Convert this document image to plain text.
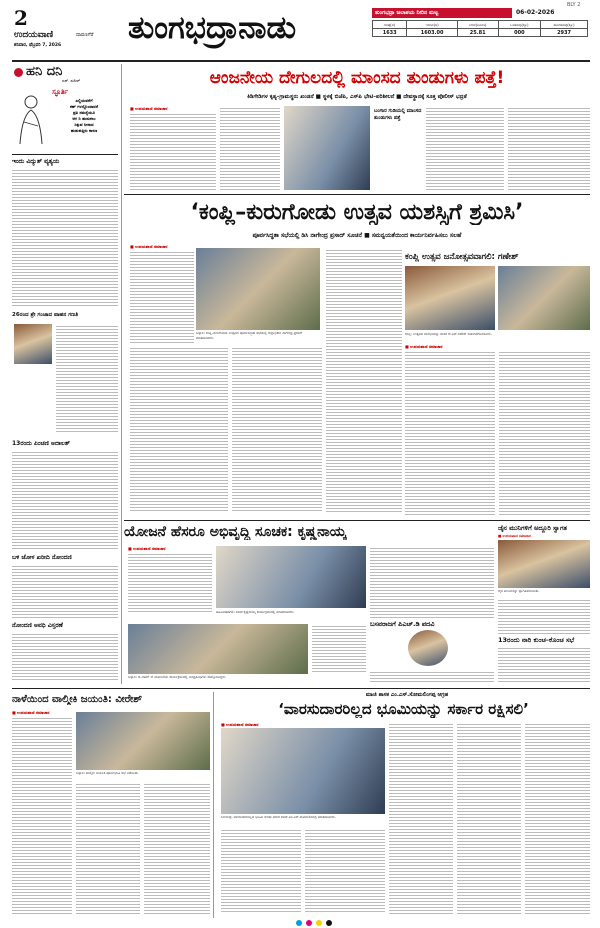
2
ಉದಯವಾಣಿ	ದಾವಣಗೆರೆ
ಶನಿವಾರ, ಫೆಬ್ರವರಿ 7, 2026 ತುಂಗಭದ್ರಾನಾಡು
BLY 2
ತುಂಗಭದ್ರಾ ಜಲಾಶಯ ನೀರಿನ ಮಟ್ಟ	06-02-2026
ಗರಿಷ್ಠ(ಅ)	ಇಂದಿನ(ಅ)	ನೀರಿನ(ಟಿಎಂಸಿ)	ಒಳಹರಿವು(ಕ್ಯೂ)	ಹೊರಹರಿವು(ಕ್ಯೂ)
1633	1603.00	25.81	000	2937
ಹನಿ ದನಿ
ಎಸ್. ಸುನಿಲ್
ಸ್ಫೂರ್ತಿ
ಎಲ್ಲಿಯವರೆಗೆ
ಕಣ್ ಗಳಲ್ಲೊಂದಾದರೆ
ಪ್ರತಿ ಸಮಸ್ಯೆಯೂ
ಆಗ ನಿ ಹುಡುಕಲು
ಸಿಕ್ಕುವ ನೀನಾದ
ಹುಡುಕುತ್ತಿರು ಕಾರಣ
ಇಂದು ವಿದ್ಯುತ್ ವ್ಯತ್ಯಯ
26ರಂದ ಶ್ರೇ ಗಂಜಾದ ವಾಹನ ಗಣತಿ
13ರಂದು ಪಿಂಚಣಿ ಅದಾಲತ್
ಬಳಿ ಜೋಳ ಖರೀದಿ ನೋಂದಣಿ
ನೋಂದಣಿ ಅವಧಿ ವಿಸ್ತರಣೆ
ಆಂಜನೇಯ ದೇಗುಲದಲ್ಲಿ ಮಾಂಸದ ತುಂಡುಗಳು ಪತ್ತೆ!
ಕಿಡಿಗೇಡಿಗಳ ಕೃತ್ಯ–ಗ್ರಾಮಸ್ಥರು ಖಂಡನೆ ■ ಸ್ಥಳಕ್ಕೆ ಬಿಜೆಪಿ, ಎಸ್‌ಪಿ ಭೇಟಿ–ಪರಿಶೀಲನೆ ■ ದೇವಸ್ಥಾನಕ್ಕೆ ಸೂಕ್ತ ಪೊಲೀಸ್ ಭದ್ರತೆ
■ ಉದಯವಾಣಿ ಸಮಾಚಾರ	ಬಂಗಾರ ಗುಡಿಯಲ್ಲಿ ಮಾಂಸದ ತುಂಡುಗಳು ಪತ್ತೆ
‘ಕಂಪ್ಲಿ–ಕುರುಗೋಡು ಉತ್ಸವ ಯಶಸ್ಸಿಗೆ ಶ್ರಮಿಸಿ’
ಪೂರ್ವಸಿದ್ಧತಾ ಸಭೆಯಲ್ಲಿ ಡಿಸಿ ನಾಗೇಂದ್ರ ಪ್ರಸಾದ್ ಸೂಚನೆ ■ ಸಮನ್ವಯತೆಯಿಂದ ಕಾರ್ಯನಿರ್ವಹಿಸಲು ಸಲಹೆ
■ ಉದಯವಾಣಿ ಸಮಾಚಾರ
ಬಳ್ಳಾರಿ: ಕಂಪ್ಲಿ–ಕುರುಗೋಡು ಉತ್ಸವದ ಪೂರ್ವಸಿದ್ಧತಾ ಸಭೆಯಲ್ಲಿ ಜಿಲ್ಲಾಧಿಕಾರಿ ನಾಗೇಂದ್ರ ಪ್ರಸಾದ್ ಮಾತನಾಡಿದರು.
ಕಂಪ್ಲಿ ಉತ್ಸವ ಜನೋತ್ಸವವಾಗಲಿ: ಗಣೇಶ್
ಕಂಪ್ಲಿ: ಉತ್ಸವದ ಲಾಂಛನವನ್ನು ಶಾಸಕ ಜೆ.ಎನ್.ಗಣೇಶ್ ಬಿಡುಗಡೆಗೊಳಿಸಿದರು.
■ ಉದಯವಾಣಿ ಸಮಾಚಾರ
ಯೋಜನೆ ಹೆಸರೂ ಅಭಿವೃದ್ಧಿ ಸೂಚಕ: ಕೃಷ್ಣನಾಯ್ಕ
■ ಉದಯವಾಣಿ ಸಮಾಚಾರ
ಹೂವಿನಹಡಗಲಿ: ಶಾಸಕ ಕೃಷ್ಣನಾಯ್ಕ ಕಾರ್ಯಕ್ರಮದಲ್ಲಿ ಮಾತನಾಡಿದರು.
ಬಳ್ಳಾರಿ: ಜಿ–ರಾಮ್ ಜಿ ಯೋಜನೆಯ ಕಾರ್ಯಕ್ರಮದಲ್ಲಿ ಜನಪ್ರತಿನಿಧಿಗಳು ಪಾಲ್ಗೊಂಡಿದ್ದರು.
ಬಸವರಾಜಗೆ ಪಿಎಚ್.ಡಿ ಪದವಿ
ಜೈನ ಮುನಿಗಳಿಗೆ ಅದ್ದೂರಿ ಸ್ವಾಗತ
■ ಉದಯವಾಣಿ ಸಮಾಚಾರ
ಜೈನ ಮುನಿಗಳನ್ನು ಸ್ವಾಗತಿಸಲಾಯಿತು.
13ರಂದು ನಾರಿ ಕುಂಚ–ಕೊಂಚ ಸಭೆ
ನಾಳೆಯಿಂದ ವಾಲ್ಮೀಕಿ ಜಯಂತಿ: ವೀರೇಶ್
■ ಉದಯವಾಣಿ ಸಮಾಚಾರ
ಬಳ್ಳಾರಿ: ವಾಲ್ಮೀಕಿ ಜಯಂತಿ ಪೂರ್ವಭಾವಿ ಸಭೆ ನಡೆಯಿತು.
ಮಾಜಿ ಶಾಸಕ ಎಂ.ಎಸ್.ಸೋಮಲಿಂಗಪ್ಪ ಆಗ್ರಹ
‘ವಾರಸುದಾರರಿಲ್ಲದ ಭೂಮಿಯನ್ನು ಸರ್ಕಾರ ರಕ್ಷಿಸಲಿ’
■ ಉದಯವಾಣಿ ಸಮಾಚಾರ
ಸಿರುಗುಪ್ಪ: ವಾರಸುದಾರರಿಲ್ಲದ ಭೂಮಿ ಕುರಿತು ಮಾಜಿ ಶಾಸಕ ಎಂ.ಎಸ್.ಸೋಮಲಿಂಗಪ್ಪ ಮಾತನಾಡಿದರು.
